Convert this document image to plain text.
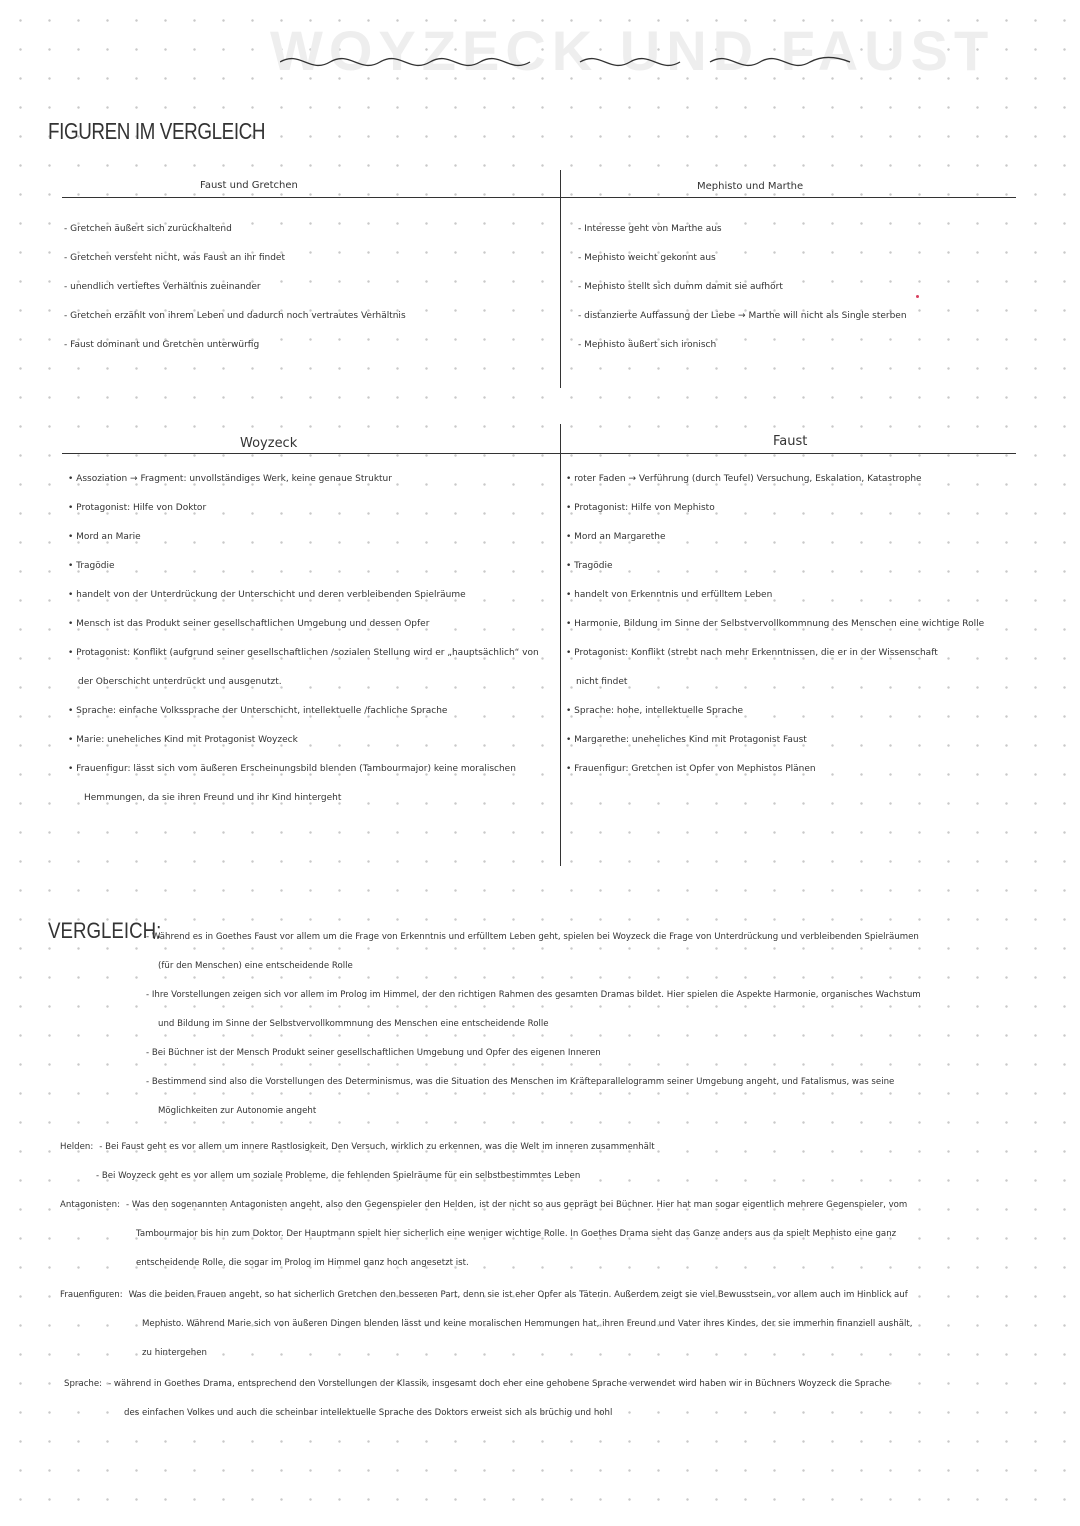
WOYZECK UND FAUST
FIGUREN IM VERGLEICH
Faust und Gretchen	Mephisto und Marthe
- Gretchen äußert sich zurückhaltend
- Gretchen versteht nicht, was Faust an ihr findet
- unendlich vertieftes Verhältnis zueinander
- Gretchen erzählt von ihrem Leben und dadurch noch vertrautes Verhältnis
- Faust dominant und Gretchen unterwürfig
- Interesse geht von Marthe aus
- Mephisto weicht gekonnt aus
- Mephisto stellt sich dumm damit sie aufhört
- distanzierte Auffassung der Liebe → Marthe will nicht als Single sterben
- Mephisto äußert sich ironisch
Woyzeck	Faust
• Assoziation → Fragment: unvollständiges Werk, keine genaue Struktur
• Protagonist: Hilfe von Doktor
• Mord an Marie
• Tragödie
• handelt von der Unterdrückung der Unterschicht und deren verbleibenden Spielräume
• Mensch ist das Produkt seiner gesellschaftlichen Umgebung und dessen Opfer
• Protagonist: Konflikt (aufgrund seiner gesellschaftlichen /sozialen Stellung wird er „hauptsächlich“ von
der Oberschicht unterdrückt und ausgenutzt.
• Sprache: einfache Volkssprache der Unterschicht, intellektuelle /fachliche Sprache
• Marie: uneheliches Kind mit Protagonist Woyzeck
• Frauenfigur: lässt sich vom äußeren Erscheinungsbild blenden (Tambourmajor) keine moralischen
Hemmungen, da sie ihren Freund und ihr Kind hintergeht
• roter Faden → Verführung (durch Teufel) Versuchung, Eskalation, Katastrophe
• Protagonist: Hilfe von Mephisto
• Mord an Margarethe
• Tragödie
• handelt von Erkenntnis und erfülltem Leben
• Harmonie, Bildung im Sinne der Selbstvervollkommnung des Menschen eine wichtige Rolle
• Protagonist: Konflikt (strebt nach mehr Erkenntnissen, die er in der Wissenschaft
nicht findet
• Sprache: hohe, intellektuelle Sprache
• Margarethe: uneheliches Kind mit Protagonist Faust
• Frauenfigur: Gretchen ist Opfer von Mephistos Plänen
VERGLEICH:
- Während es in Goethes Faust vor allem um die Frage von Erkenntnis und erfülltem Leben geht, spielen bei Woyzeck die Frage von Unterdrückung und verbleibenden Spielräumen
(für den Menschen) eine entscheidende Rolle
- Ihre Vorstellungen zeigen sich vor allem im Prolog im Himmel, der den richtigen Rahmen des gesamten Dramas bildet. Hier spielen die Aspekte Harmonie, organisches Wachstum
und Bildung im Sinne der Selbstvervollkommnung des Menschen eine entscheidende Rolle
- Bei Büchner ist der Mensch Produkt seiner gesellschaftlichen Umgebung und Opfer des eigenen Inneren
- Bestimmend sind also die Vorstellungen des Determinismus, was die Situation des Menschen im Kräfteparallelogramm seiner Umgebung angeht, und Fatalismus, was seine
Möglichkeiten zur Autonomie angeht
Helden: - Bei Faust geht es vor allem um innere Rastlosigkeit, Den Versuch, wirklich zu erkennen, was die Welt im inneren zusammenhält
- Bei Woyzeck geht es vor allem um soziale Probleme, die fehlenden Spielräume für ein selbstbestimmtes Leben
Antagonisten: - Was den sogenannten Antagonisten angeht, also den Gegenspieler den Helden, ist der nicht so aus geprägt bei Büchner. Hier hat man sogar eigentlich mehrere Gegenspieler, vom
Tambourmajor bis hin zum Doktor. Der Hauptmann spielt hier sicherlich eine weniger wichtige Rolle. In Goethes Drama sieht das Ganze anders aus da spielt Mephisto eine ganz
entscheidende Rolle, die sogar im Prolog im Himmel ganz hoch angesetzt ist.
Frauenfiguren: Was die beiden Frauen angeht, so hat sicherlich Gretchen den besseren Part, denn sie ist eher Opfer als Täterin. Außerdem zeigt sie viel Bewusstsein, vor allem auch im Hinblick auf
Mephisto. Während Marie sich von äußeren Dingen blenden lässt und keine moralischen Hemmungen hat, ihren Freund und Vater ihres Kindes, der sie immerhin finanziell aushält,
zu hintergehen
Sprache: - während in Goethes Drama, entsprechend den Vorstellungen der Klassik, insgesamt doch eher eine gehobene Sprache verwendet wird haben wir in Büchners Woyzeck die Sprache
des einfachen Volkes und auch die scheinbar intellektuelle Sprache des Doktors erweist sich als brüchig und hohl
